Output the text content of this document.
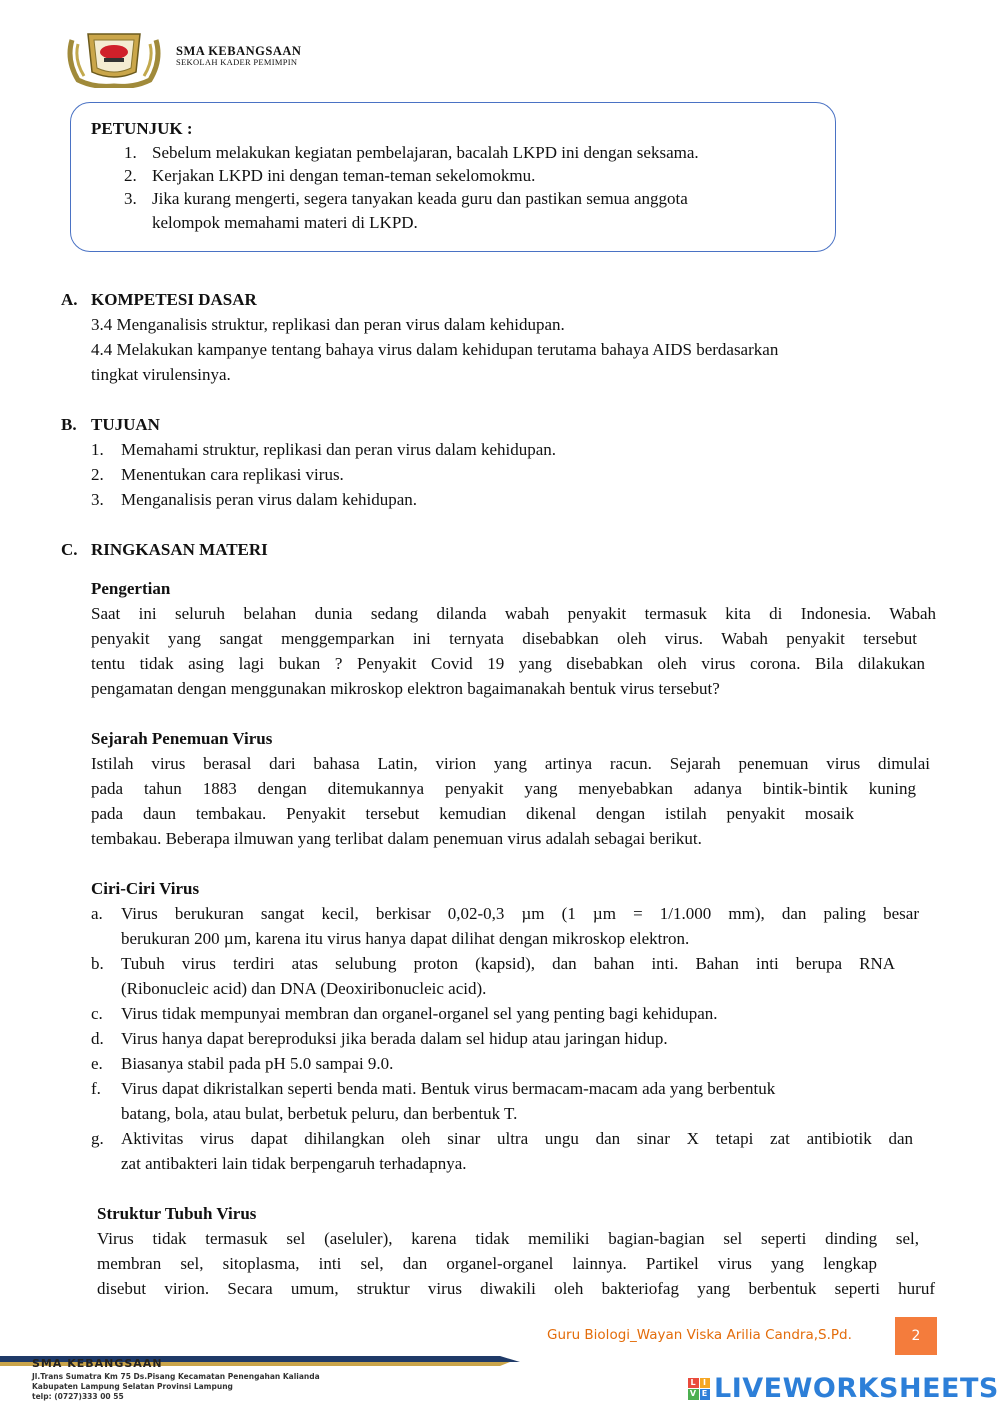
SMA KEBANGSAAN
SEKOLAH KADER PEMIMPIN
PETUNJUK :
1. Sebelum melakukan kegiatan pembelajaran, bacalah LKPD ini dengan seksama.
2. Kerjakan LKPD ini dengan teman-teman sekelomokmu.
3. Jika kurang mengerti, segera tanyakan keada guru dan pastikan semua anggota
kelompok memahami materi di LKPD.
A. KOMPETESI DASAR
3.4 Menganalisis struktur, replikasi dan peran virus dalam kehidupan.
4.4 Melakukan kampanye tentang bahaya virus dalam kehidupan terutama bahaya AIDS berdasarkan
tingkat virulensinya.
B. TUJUAN
1. Memahami struktur, replikasi dan peran virus dalam kehidupan.
2. Menentukan cara replikasi virus.
3. Menganalisis peran virus dalam kehidupan.
C. RINGKASAN MATERI
Pengertian
Saat ini seluruh belahan dunia sedang dilanda wabah penyakit termasuk kita di Indonesia. Wabah
penyakit yang sangat menggemparkan ini ternyata disebabkan oleh virus. Wabah penyakit tersebut
tentu tidak asing lagi bukan ? Penyakit Covid 19 yang disebabkan oleh virus corona. Bila dilakukan
pengamatan dengan menggunakan mikroskop elektron bagaimanakah bentuk virus tersebut?
Sejarah Penemuan Virus
Istilah virus berasal dari bahasa Latin, virion yang artinya racun. Sejarah penemuan virus dimulai
pada tahun 1883 dengan ditemukannya penyakit yang menyebabkan adanya bintik-bintik kuning
pada daun tembakau. Penyakit tersebut kemudian dikenal dengan istilah penyakit mosaik
tembakau. Beberapa ilmuwan yang terlibat dalam penemuan virus adalah sebagai berikut.
Ciri-Ciri Virus
a. Virus berukuran sangat kecil, berkisar 0,02-0,3 µm (1 µm = 1/1.000 mm), dan paling besar
berukuran 200 µm, karena itu virus hanya dapat dilihat dengan mikroskop elektron.
b. Tubuh virus terdiri atas selubung proton (kapsid), dan bahan inti. Bahan inti berupa RNA
(Ribonucleic acid) dan DNA (Deoxiribonucleic acid).
c. Virus tidak mempunyai membran dan organel-organel sel yang penting bagi kehidupan.
d. Virus hanya dapat bereproduksi jika berada dalam sel hidup atau jaringan hidup.
e. Biasanya stabil pada pH 5.0 sampai 9.0.
f. Virus dapat dikristalkan seperti benda mati. Bentuk virus bermacam-macam ada yang berbentuk
batang, bola, atau bulat, berbetuk peluru, dan berbentuk T.
g. Aktivitas virus dapat dihilangkan oleh sinar ultra ungu dan sinar X tetapi zat antibiotik dan
zat antibakteri lain tidak berpengaruh terhadapnya.
Struktur Tubuh Virus
Virus tidak termasuk sel (aseluler), karena tidak memiliki bagian-bagian sel seperti dinding sel,
membran sel, sitoplasma, inti sel, dan organel-organel lainnya. Partikel virus yang lengkap
disebut virion. Secara umum, struktur virus diwakili oleh bakteriofag yang berbentuk seperti huruf
Guru Biologi_Wayan Viska Arilia Candra,S.Pd.	2
SMA KEBANGSAAN
Jl.Trans Sumatra Km 75 Ds.Pisang Kecamatan Penengahan Kalianda
Kabupaten Lampung Selatan Provinsi Lampung
telp: (0727)333 00 55
L I
V E LIVEWORKSHEETS
